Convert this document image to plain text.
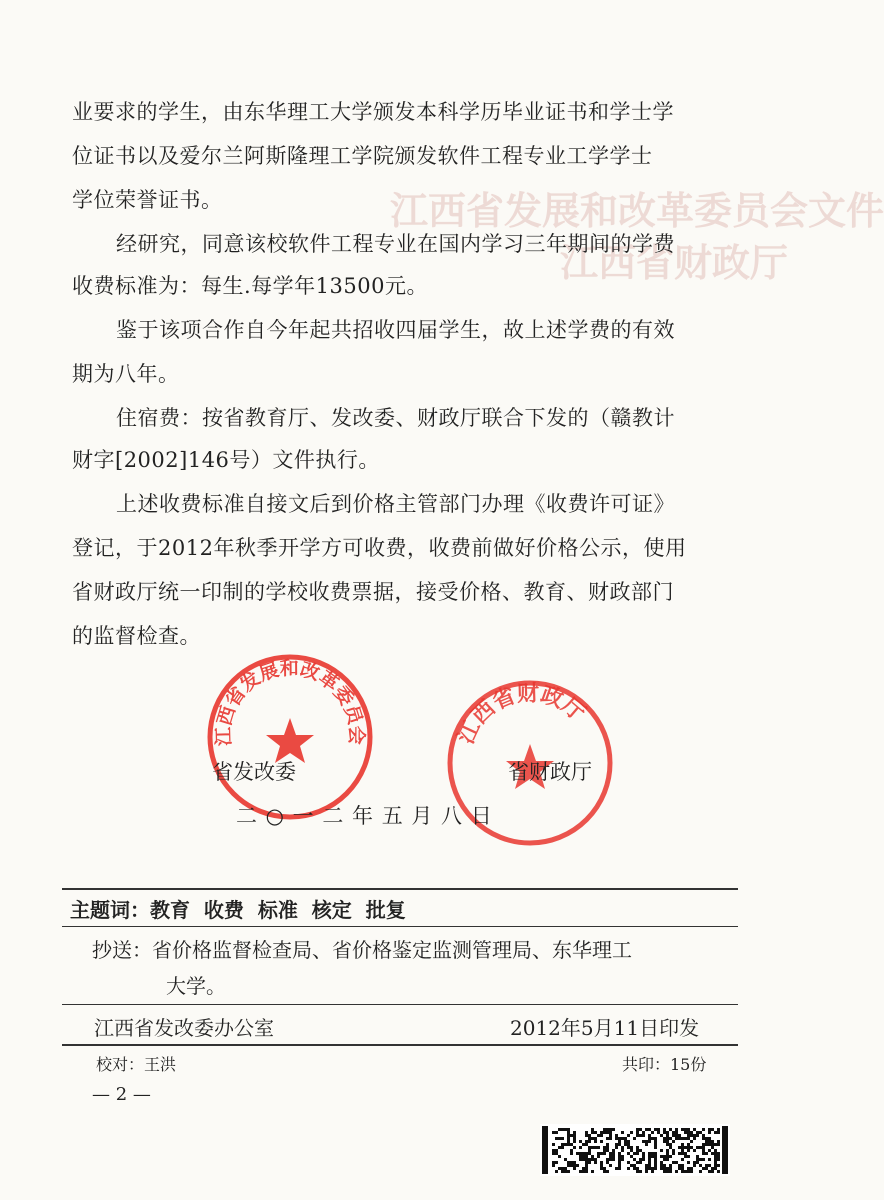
江西省发展和改革委员会文件
江西省财政厅
业要求的学生，由东华理工大学颁发本科学历毕业证书和学士学
位证书以及爱尔兰阿斯隆理工学院颁发软件工程专业工学学士
学位荣誉证书。
经研究，同意该校软件工程专业在国内学习三年期间的学费
收费标准为：每生.每学年13500元。
鉴于该项合作自今年起共招收四届学生，故上述学费的有效
期为八年。
住宿费：按省教育厅、发改委、财政厅联合下发的（赣教计
财字[2002]146号）文件执行。
上述收费标准自接文后到价格主管部门办理《收费许可证》
登记，于2012年秋季开学方可收费，收费前做好价格公示，使用
省财政厅统一印制的学校收费票据，接受价格、教育、财政部门
的监督检查。
江西省发展和改革委员会	江西省财政厅
省发改委	省财政厅
二 ○ 一 二 年 五 月 八 日
主题词：教育  收费  标准  核定  批复
抄送：省价格监督检查局、省价格鉴定监测管理局、东华理工
大学。
江西省发改委办公室	2012年5月11日印发
校对：王洪	共印：15份
— 2 —
